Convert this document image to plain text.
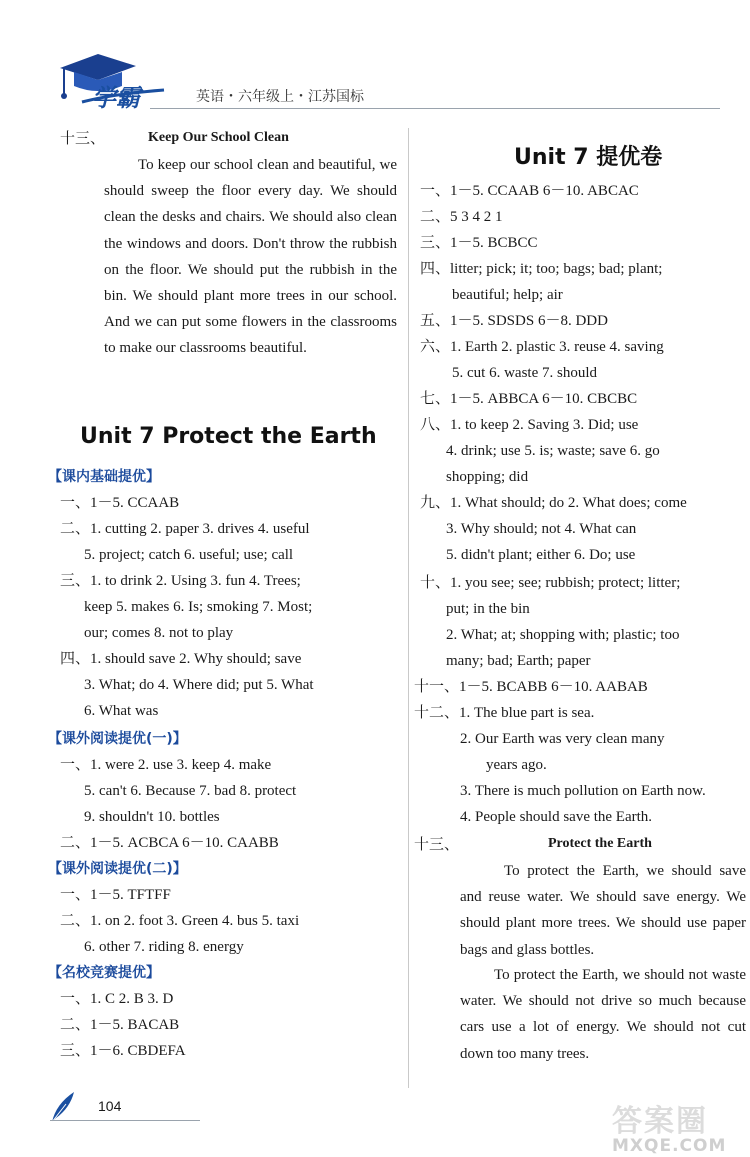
学霸	英语・六年级上・江苏国标
十三、	Keep Our School Clean
To keep our school clean and beautiful, we should sweep the floor every day. We should clean the desks and chairs. We should also clean the windows and doors. Don't throw the rubbish on the floor. We should put the rubbish in the bin. We should plant more trees in our school. And we can put some flowers in the classrooms to make our classrooms beautiful.
Unit 7 Protect the Earth
【课内基础提优】
一、1－5. CCAAB
二、1. cutting 2. paper 3. drives 4. useful
5. project; catch 6. useful; use; call
三、1. to drink 2. Using 3. fun 4. Trees;
keep 5. makes 6. Is; smoking 7. Most;
our; comes 8. not to play
四、1. should save 2. Why should; save
3. What; do 4. Where did; put 5. What
6. What was
【课外阅读提优(一)】
一、1. were 2. use 3. keep 4. make
5. can't 6. Because 7. bad 8. protect
9. shouldn't 10. bottles
二、1－5. ACBCA 6－10. CAABB
【课外阅读提优(二)】
一、1－5. TFTFF
二、1. on 2. foot 3. Green 4. bus 5. taxi
6. other 7. riding 8. energy
【名校竞赛提优】
一、1. C 2. B 3. D
二、1－5. BACAB
三、1－6. CBDEFA
Unit 7 提优卷
一、1－5. CCAAB 6－10. ABCAC
二、5 3 4 2 1
三、1－5. BCBCC
四、litter; pick; it; too; bags; bad; plant;
beautiful; help; air
五、1－5. SDSDS 6－8. DDD
六、1. Earth 2. plastic 3. reuse 4. saving
5. cut 6. waste 7. should
七、1－5. ABBCA 6－10. CBCBC
八、1. to keep 2. Saving 3. Did; use
4. drink; use 5. is; waste; save 6. go
shopping; did
九、1. What should; do 2. What does; come
3. Why should; not 4. What can
5. didn't plant; either 6. Do; use
十、1. you see; see; rubbish; protect; litter;
put; in the bin
2. What; at; shopping with; plastic; too
many; bad; Earth; paper
十一、1－5. BCABB 6－10. AABAB
十二、1. The blue part is sea.
2. Our Earth was very clean many
years ago.
3. There is much pollution on Earth now.
4. People should save the Earth.
十三、	Protect the Earth
To protect the Earth, we should save and reuse water. We should save energy. We should plant more trees. We should use paper bags and glass bottles.
To protect the Earth, we should not waste water. We should not drive so much because cars use a lot of energy. We should not cut down too many trees.
104	答案圈
MXQE.COM
